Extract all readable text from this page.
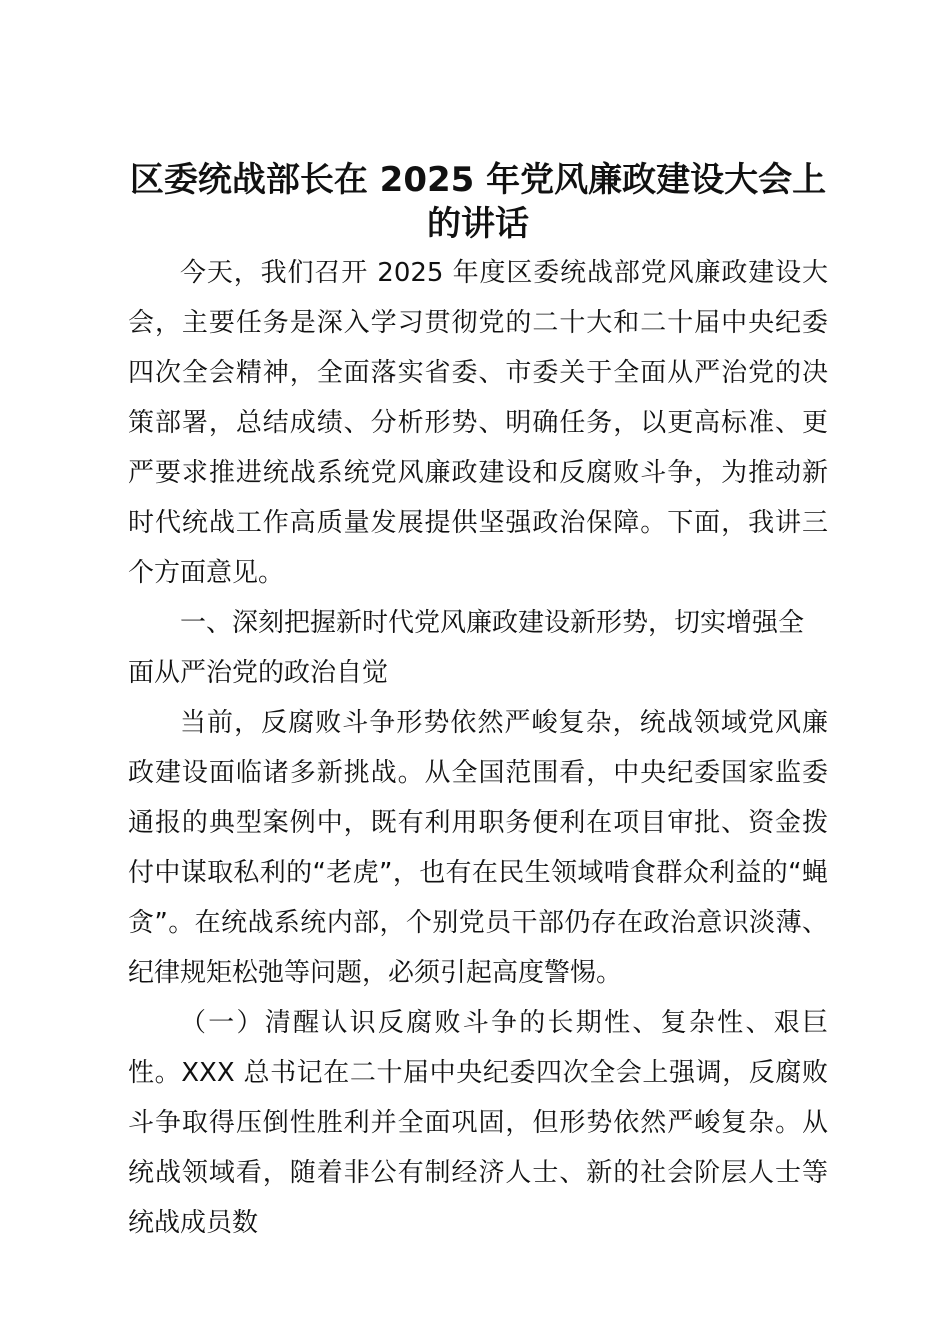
区委统战部长在 2025 年党风廉政建设大会上
的讲话

今天，我们召开 2025 年度区委统战部党风廉政建设大会，主要任务是深入学习贯彻党的二十大和二十届中央纪委四次全会精神，全面落实省委、市委关于全面从严治党的决策部署，总结成绩、分析形势、明确任务，以更高标准、更严要求推进统战系统党风廉政建设和反腐败斗争，为推动新时代统战工作高质量发展提供坚强政治保障。下面，我讲三个方面意见。

一、深刻把握新时代党风廉政建设新形势，切实增强全面从严治党的政治自觉

当前，反腐败斗争形势依然严峻复杂，统战领域党风廉政建设面临诸多新挑战。从全国范围看，中央纪委国家监委通报的典型案例中，既有利用职务便利在项目审批、资金拨付中谋取私利的“老虎”，也有在民生领域啃食群众利益的“蝇贪”。在统战系统内部，个别党员干部仍存在政治意识淡薄、纪律规矩松弛等问题，必须引起高度警惕。

（一）清醒认识反腐败斗争的长期性、复杂性、艰巨性。XXX 总书记在二十届中央纪委四次全会上强调，反腐败斗争取得压倒性胜利并全面巩固，但形势依然严峻复杂。从统战领域看，随着非公有制经济人士、新的社会阶层人士等统战成员数
